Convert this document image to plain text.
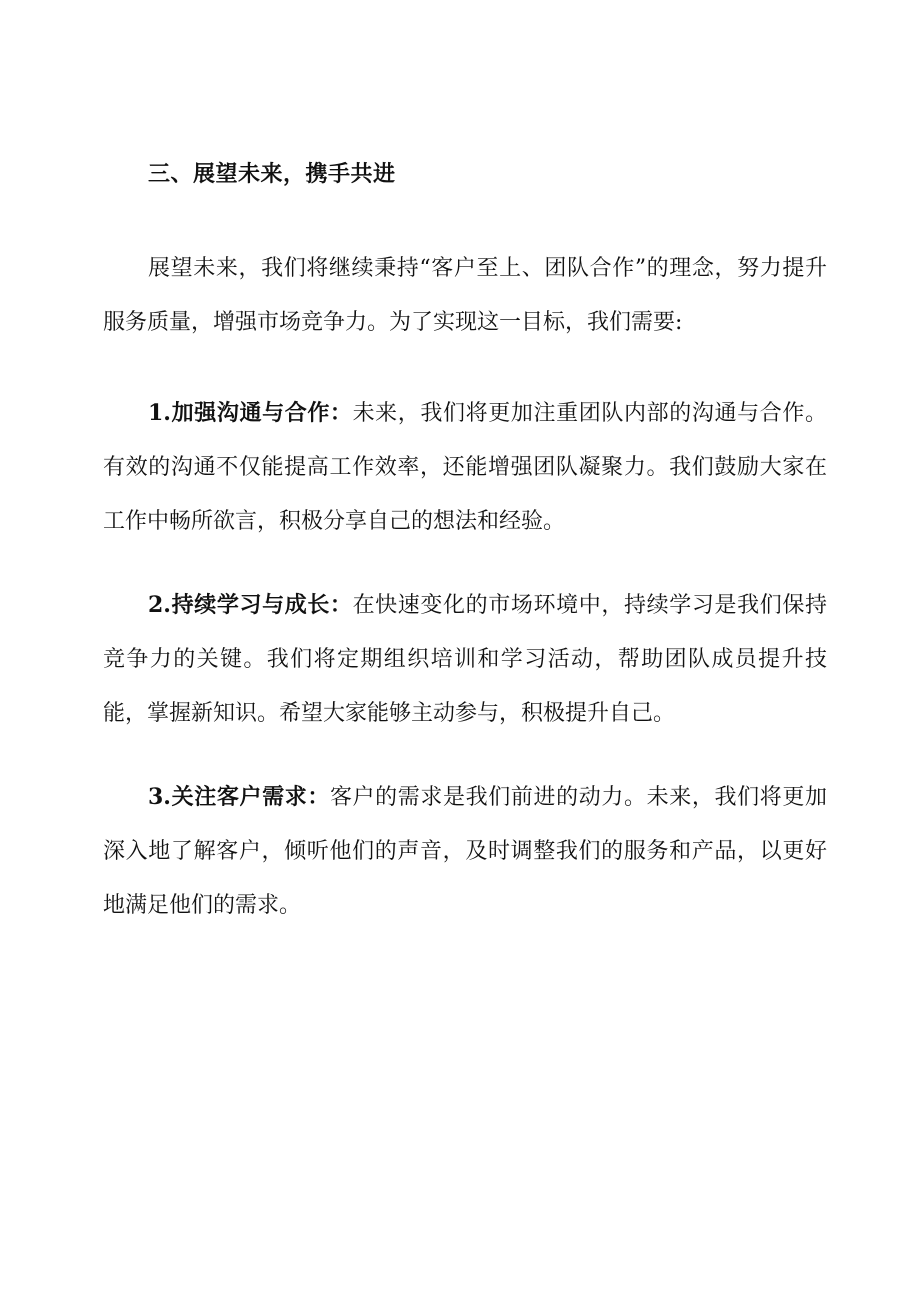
三、展望未来，携手共进

展望未来，我们将继续秉持“客户至上、团队合作”的理念，努力提升服务质量，增强市场竞争力。为了实现这一目标，我们需要:

1.加强沟通与合作：未来，我们将更加注重团队内部的沟通与合作。有效的沟通不仅能提高工作效率，还能增强团队凝聚力。我们鼓励大家在工作中畅所欲言，积极分享自己的想法和经验。

2.持续学习与成长：在快速变化的市场环境中，持续学习是我们保持竞争力的关键。我们将定期组织培训和学习活动，帮助团队成员提升技能，掌握新知识。希望大家能够主动参与，积极提升自己。

3.关注客户需求：客户的需求是我们前进的动力。未来，我们将更加深入地了解客户，倾听他们的声音，及时调整我们的服务和产品，以更好地满足他们的需求。
